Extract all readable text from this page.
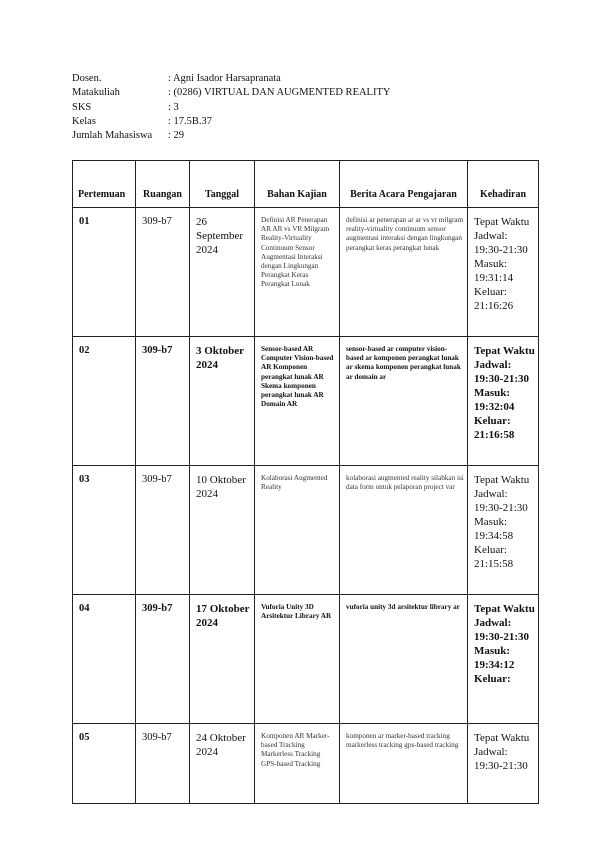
Dosen.	: Agni Isador Harsapranata
Matakuliah	: (0286) VIRTUAL DAN AUGMENTED REALITY
SKS	: 3
Kelas	: 17.5B.37
Jumlah Mahasiswa	: 29
Pertemuan	Ruangan	Tanggal	Bahan Kajian	Berita Acara Pengajaran	Kehadiran
01	309-b7	26 September 2024	Definisi AR Penerapan AR AR vs VR Milgram Reality-Virtuality Continuum Sensor Augmentasi Interaksi dengan Lingkungan Perangkat Keras Perangkat Lunak	definisi ar penerapan ar ar vs vr milgram reality-virtuality continuum sensor augmentasi interaksi dengan lingkungan perangkat keras perangkat lunak	Tepat Waktu
Jadwal: 19:30-21:30
Masuk: 19:31:14
Keluar: 21:16:26

02	309-b7	3 Oktober 2024	Sensor-based AR Computer Vision-based AR Komponen perangkat lunak AR Skema komponen perangkat lunak AR Domain AR	sensor-based ar computer vision-based ar komponen perangkat lunak ar skema komponen perangkat lunak ar domain ar	Tepat Waktu
Jadwal: 19:30-21:30
Masuk: 19:32:04
Keluar: 21:16:58

03	309-b7	10 Oktober 2024	Kolaborasi Augmented Reality	kolaborasi augmented reality silahkan isi data form untuk pelaporan project var	Tepat Waktu
Jadwal: 19:30-21:30
Masuk: 19:34:58
Keluar: 21:15:58

04	309-b7	17 Oktober 2024	Vuforia Unity 3D Arsitektur Library AR	vuforia unity 3d arsitektur library ar	Tepat Waktu
Jadwal: 19:30-21:30
Masuk: 19:34:12
Keluar:

05	309-b7	24 Oktober 2024	Komponen AR Marker-based Tracking Markerless Tracking GPS-based Tracking	komponen ar marker-based tracking markerless tracking gps-based tracking	Tepat Waktu
Jadwal: 19:30-21:30
